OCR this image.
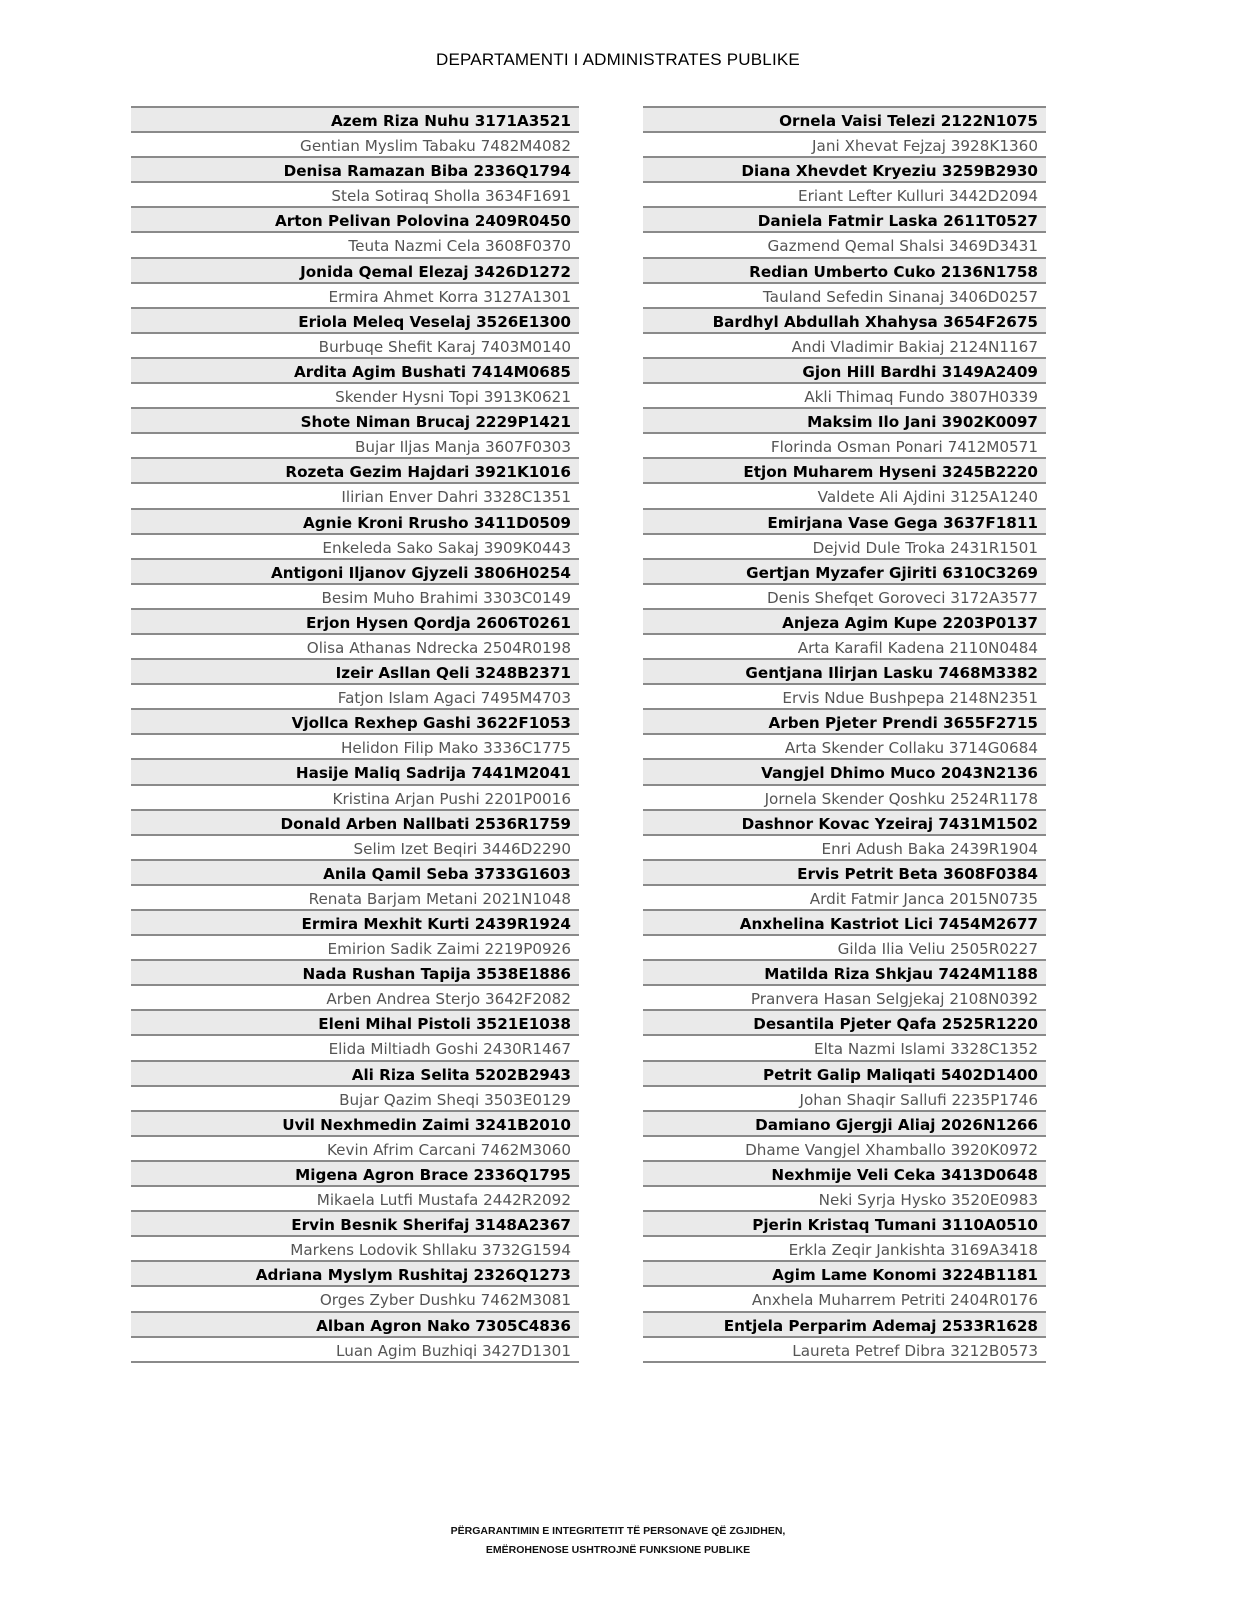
DEPARTAMENTI I ADMINISTRATES PUBLIKE
Azem Riza Nuhu 3171A3521
Gentian Myslim Tabaku 7482M4082
Denisa Ramazan Biba 2336Q1794
Stela Sotiraq Sholla 3634F1691
Arton Pelivan Polovina 2409R0450
Teuta Nazmi Cela 3608F0370
Jonida Qemal Elezaj 3426D1272
Ermira Ahmet Korra 3127A1301
Eriola Meleq Veselaj 3526E1300
Burbuqe Shefit Karaj 7403M0140
Ardita Agim Bushati 7414M0685
Skender Hysni Topi 3913K0621
Shote Niman Brucaj 2229P1421
Bujar Iljas Manja 3607F0303
Rozeta Gezim Hajdari 3921K1016
Ilirian Enver Dahri 3328C1351
Agnie Kroni Rrusho 3411D0509
Enkeleda Sako Sakaj 3909K0443
Antigoni Iljanov Gjyzeli 3806H0254
Besim Muho Brahimi 3303C0149
Erjon Hysen Qordja 2606T0261
Olisa Athanas Ndrecka 2504R0198
Izeir Asllan Qeli 3248B2371
Fatjon Islam Agaci 7495M4703
Vjollca Rexhep Gashi 3622F1053
Helidon Filip Mako 3336C1775
Hasije Maliq Sadrija 7441M2041
Kristina Arjan Pushi 2201P0016
Donald Arben Nallbati 2536R1759
Selim Izet Beqiri 3446D2290
Anila Qamil Seba 3733G1603
Renata Barjam Metani 2021N1048
Ermira Mexhit Kurti 2439R1924
Emirion Sadik Zaimi 2219P0926
Nada Rushan Tapija 3538E1886
Arben Andrea Sterjo 3642F2082
Eleni Mihal Pistoli 3521E1038
Elida Miltiadh Goshi 2430R1467
Ali Riza Selita 5202B2943
Bujar Qazim Sheqi 3503E0129
Uvil Nexhmedin Zaimi 3241B2010
Kevin Afrim Carcani 7462M3060
Migena Agron Brace 2336Q1795
Mikaela Lutfi Mustafa 2442R2092
Ervin Besnik Sherifaj 3148A2367
Markens Lodovik Shllaku 3732G1594
Adriana Myslym Rushitaj 2326Q1273
Orges Zyber Dushku 7462M3081
Alban Agron Nako 7305C4836
Luan Agim Buzhiqi 3427D1301
Ornela Vaisi Telezi 2122N1075
Jani Xhevat Fejzaj 3928K1360
Diana Xhevdet Kryeziu 3259B2930
Eriant Lefter Kulluri 3442D2094
Daniela Fatmir Laska 2611T0527
Gazmend Qemal Shalsi 3469D3431
Redian Umberto Cuko 2136N1758
Tauland Sefedin Sinanaj 3406D0257
Bardhyl Abdullah Xhahysa 3654F2675
Andi Vladimir Bakiaj 2124N1167
Gjon Hill Bardhi 3149A2409
Akli Thimaq Fundo 3807H0339
Maksim Ilo Jani 3902K0097
Florinda Osman Ponari 7412M0571
Etjon Muharem Hyseni 3245B2220
Valdete Ali Ajdini 3125A1240
Emirjana Vase Gega 3637F1811
Dejvid Dule Troka 2431R1501
Gertjan Myzafer Gjiriti 6310C3269
Denis Shefqet Goroveci 3172A3577
Anjeza Agim Kupe 2203P0137
Arta Karafil Kadena 2110N0484
Gentjana Ilirjan Lasku 7468M3382
Ervis Ndue Bushpepa 2148N2351
Arben Pjeter Prendi 3655F2715
Arta Skender Collaku 3714G0684
Vangjel Dhimo Muco 2043N2136
Jornela Skender Qoshku 2524R1178
Dashnor Kovac Yzeiraj 7431M1502
Enri Adush Baka 2439R1904
Ervis Petrit Beta 3608F0384
Ardit Fatmir Janca 2015N0735
Anxhelina Kastriot Lici 7454M2677
Gilda Ilia Veliu 2505R0227
Matilda Riza Shkjau 7424M1188
Pranvera Hasan Selgjekaj 2108N0392
Desantila Pjeter Qafa 2525R1220
Elta Nazmi Islami 3328C1352
Petrit Galip Maliqati 5402D1400
Johan Shaqir Sallufi 2235P1746
Damiano Gjergji Aliaj 2026N1266
Dhame Vangjel Xhamballo 3920K0972
Nexhmije Veli Ceka 3413D0648
Neki Syrja Hysko 3520E0983
Pjerin Kristaq Tumani 3110A0510
Erkla Zeqir Jankishta 3169A3418
Agim Lame Konomi 3224B1181
Anxhela Muharrem Petriti 2404R0176
Entjela Perparim Ademaj 2533R1628
Laureta Petref Dibra 3212B0573
PËRGARANTIMIN E INTEGRITETIT TË PERSONAVE QË ZGJIDHEN,
EMËROHENOSE USHTROJNË FUNKSIONE PUBLIKE
